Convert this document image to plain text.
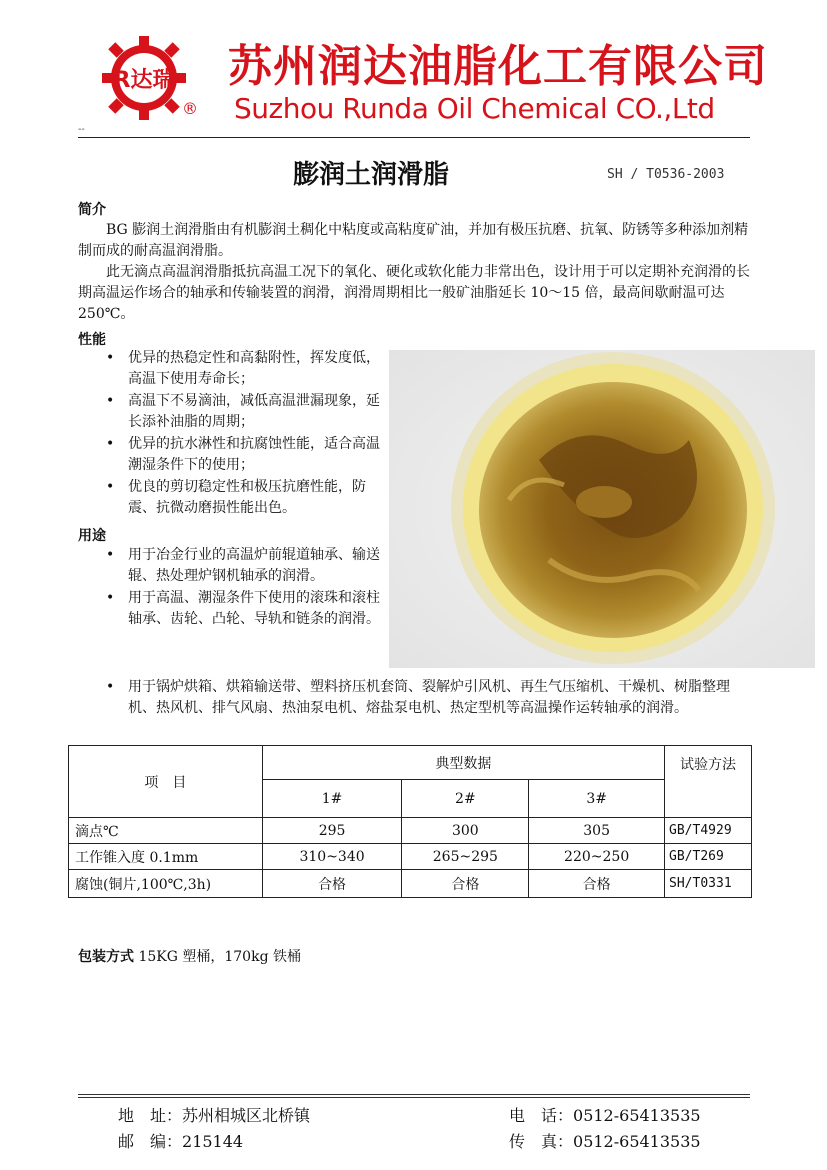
R达瑞
®
苏州润达油脂化工有限公司
Suzhou Runda Oil Chemical CO.,Ltd
--
膨润土润滑脂	SH / T0536-2003
简介
BG 膨润土润滑脂由有机膨润土稠化中粘度或高粘度矿油，并加有极压抗磨、抗氧、防锈等多种添加剂精制而成的耐高温润滑脂。
此无滴点高温润滑脂抵抗高温工况下的氧化、硬化或软化能力非常出色，设计用于可以定期补充润滑的长期高温运作场合的轴承和传输装置的润滑，润滑周期相比一般矿油脂延长 10～15 倍，最高间歇耐温可达 250℃。
性能
• 优异的热稳定性和高黏附性，挥发度低，高温下使用寿命长；
• 高温下不易滴油，减低高温泄漏现象，延长添补油脂的周期；
• 优异的抗水淋性和抗腐蚀性能，适合高温潮湿条件下的使用；
• 优良的剪切稳定性和极压抗磨性能，防震、抗微动磨损性能出色。
用途
• 用于冶金行业的高温炉前辊道轴承、输送辊、热处理炉钢机轴承的润滑。
• 用于高温、潮湿条件下使用的滚珠和滚柱轴承、齿轮、凸轮、导轨和链条的润滑。
• 用于锅炉烘箱、烘箱输送带、塑料挤压机套筒、裂解炉引风机、再生气压缩机、干燥机、树脂整理机、热风机、排气风扇、热油泵电机、熔盐泵电机、热定型机等高温操作运转轴承的润滑。
项　目	典型数据			试验方法
	1#	2#	3#	
滴点℃	295	300	305	GB/T4929
工作锥入度 0.1mm	310~340	265~295	220~250	GB/T269
腐蚀(铜片,100℃,3h)	合格	合格	合格	SH/T0331
包装方式 15KG 塑桶，170kg 铁桶
地　址：苏州相城区北桥镇
邮　编：215144
电　话：0512-65413535
传　真：0512-65413535
